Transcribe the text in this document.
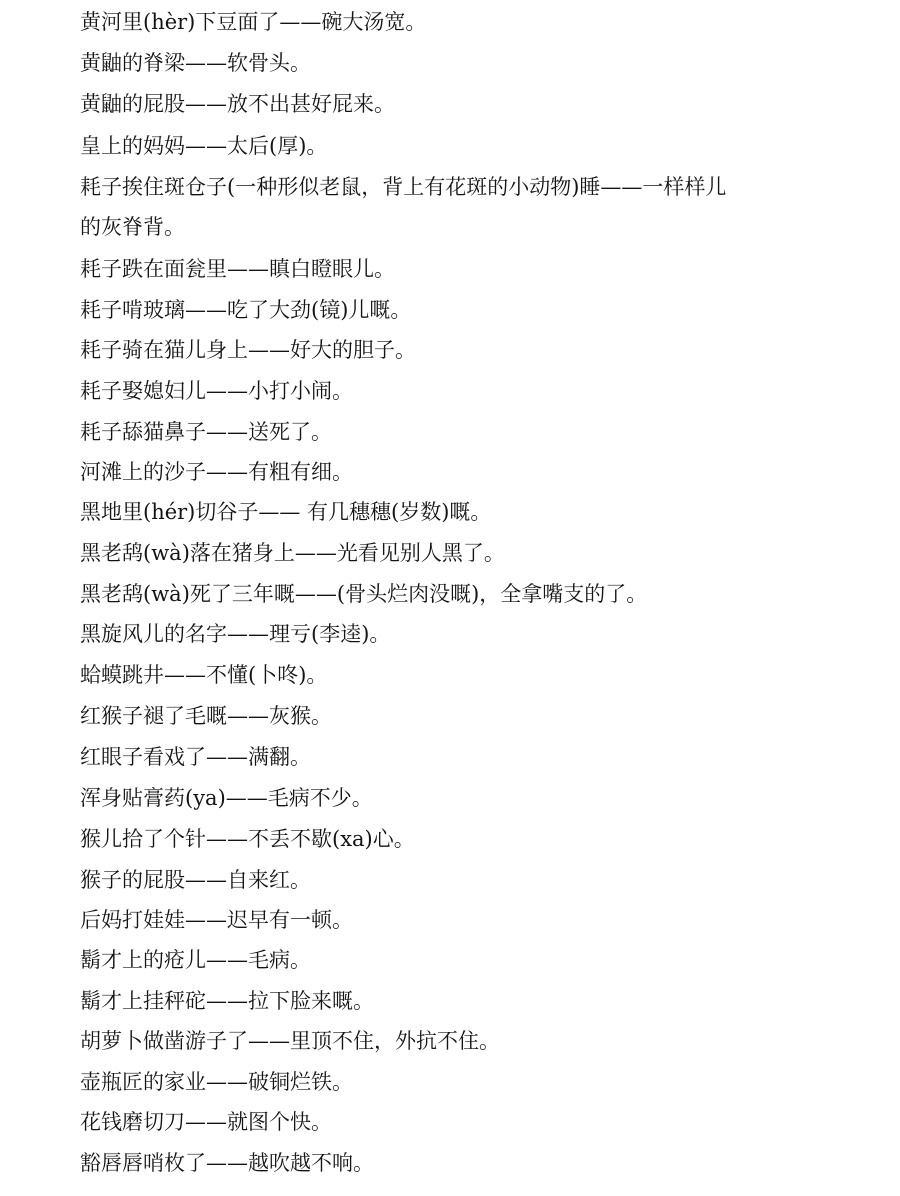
黄河里(hèr)下豆面了——碗大汤宽。
黄鼬的脊梁——软骨头。
黄鼬的屁股——放不出甚好屁来。
皇上的妈妈——太后(厚)。
耗子挨住斑仓子(一种形似老鼠，背上有花斑的小动物)睡——一样样儿
的灰脊背。
耗子跌在面瓮里——瞋白瞪眼儿。
耗子啃玻璃——吃了大劲(镜)儿嘅。
耗子骑在猫儿身上——好大的胆子。
耗子娶媳妇儿——小打小闹。
耗子舔猫鼻子——送死了。
河滩上的沙子——有粗有细。
黑地里(hér)切谷子—— 有几穗穗(岁数)嘅。
黑老鸹(wà)落在猪身上——光看见别人黑了。
黑老鸹(wà)死了三年嘅——(骨头烂肉没嘅)，全拿嘴支的了。
黑旋风儿的名字——理亏(李逵)。
蛤蟆跳井——不懂(卜咚)。
红猴子褪了毛嘅——灰猴。
红眼子看戏了——满翻。
浑身贴膏药(ya)——毛病不少。
猴儿拾了个针——不丢不歇(xa)心。
猴子的屁股——自来红。
后妈打娃娃——迟早有一顿。
鬍才上的疮儿——毛病。
鬍才上挂秤砣——拉下脸来嘅。
胡萝卜做凿游子了——里顶不住，外抗不住。
壶瓶匠的家业——破铜烂铁。
花钱磨切刀——就图个快。
豁唇唇哨枚了——越吹越不响。
